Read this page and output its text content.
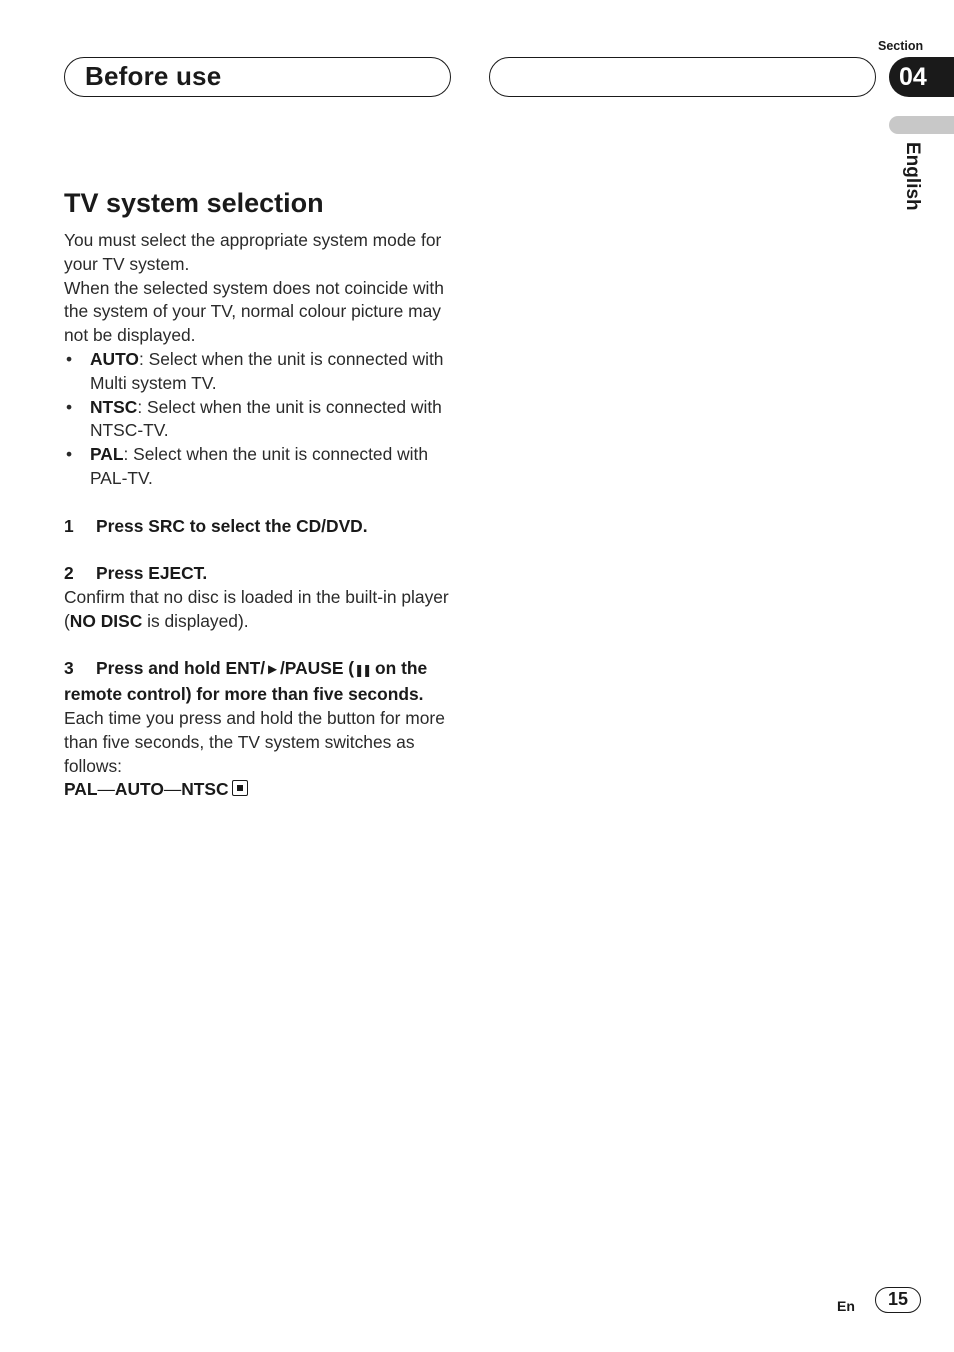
Before use
Section
04
English
TV system selection

You must select the appropriate system mode for your TV system.

When the selected system does not coincide with the system of your TV, normal colour picture may not be displayed.

• AUTO: Select when the unit is connected with Multi system TV.
• NTSC: Select when the unit is connected with NTSC-TV.
• PAL: Select when the unit is connected with PAL-TV.

1 Press SRC to select the CD/DVD.

2 Press EJECT.

Confirm that no disc is loaded in the built-in player (NO DISC is displayed).

3 Press and hold ENT/►/PAUSE (❚❚ on the remote control) for more than five seconds.

Each time you press and hold the button for more than five seconds, the TV system switches as follows:

PAL—AUTO—NTSC

En	15
